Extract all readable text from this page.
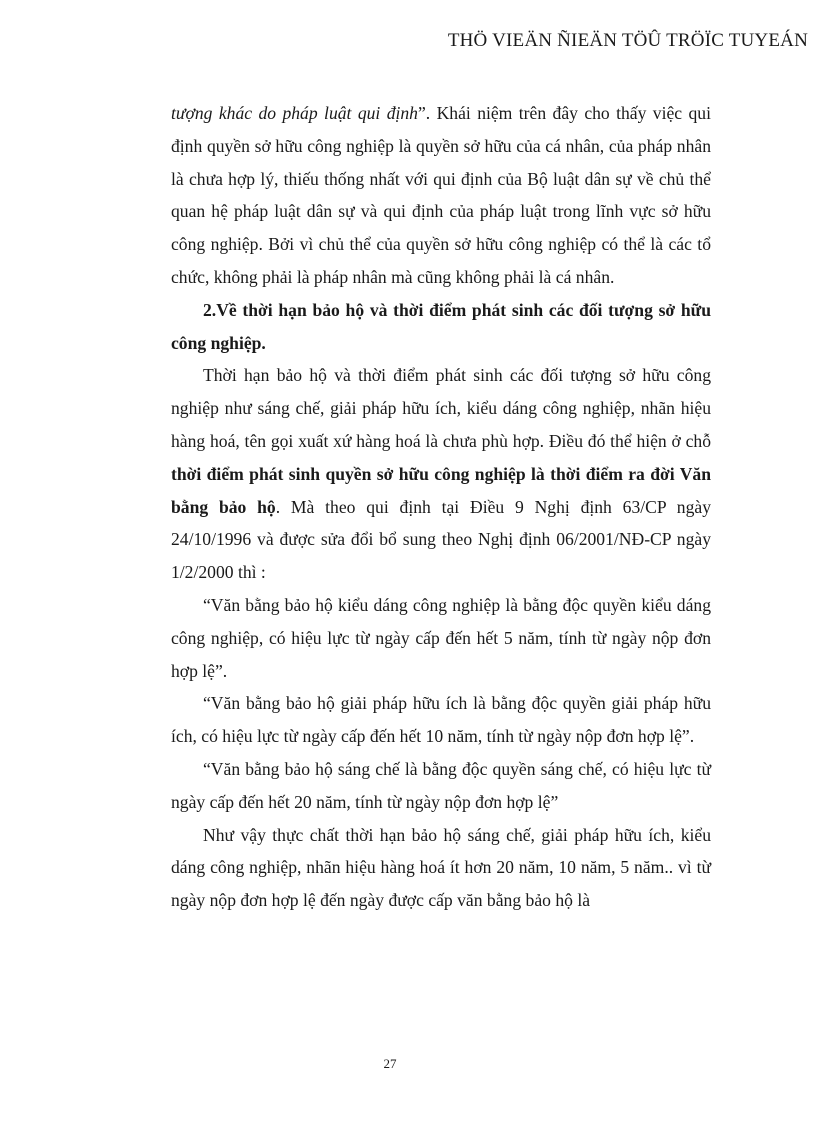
THÖ VIEÄN ÑIEÄN TÖÛ TRÖÏC TUYEÁN

tượng khác do pháp luật qui định”. Khái niệm trên đây cho thấy việc qui định quyền sở hữu công nghiệp là quyền sở hữu của cá nhân, của pháp nhân là chưa hợp lý, thiếu thống nhất với qui định của Bộ luật dân sự về chủ thể quan hệ pháp luật dân sự và qui định của pháp luật trong lĩnh vực sở hữu công nghiệp. Bởi vì chủ thể của quyền sở hữu công nghiệp có thể là các tổ chức, không phải là pháp nhân mà cũng không phải là cá nhân.

2.Về thời hạn bảo hộ và thời điểm phát sinh các đối tượng sở hữu công nghiệp.

Thời hạn bảo hộ và thời điểm phát sinh các đối tượng sở hữu công nghiệp như sáng chế, giải pháp hữu ích, kiểu dáng công nghiệp, nhãn hiệu hàng hoá, tên gọi xuất xứ hàng hoá là chưa phù hợp. Điều đó thể hiện ở chỗ thời điểm phát sinh quyền sở hữu công nghiệp là thời điểm ra đời Văn bằng bảo hộ. Mà theo qui định tại Điều 9 Nghị định 63/CP ngày 24/10/1996 và được sửa đổi bổ sung theo Nghị định 06/2001/NĐ-CP ngày 1/2/2000 thì :

“Văn bằng bảo hộ kiểu dáng công nghiệp là bằng độc quyền kiểu dáng công nghiệp, có hiệu lực từ ngày cấp đến hết 5 năm, tính từ ngày nộp đơn hợp lệ”.

“Văn bằng bảo hộ giải pháp hữu ích là bằng độc quyền giải pháp hữu ích, có hiệu lực từ ngày cấp đến hết 10 năm, tính từ ngày nộp đơn hợp lệ”.

“Văn bằng bảo hộ sáng chế là bằng độc quyền sáng chế, có hiệu lực từ ngày cấp đến hết 20 năm, tính từ ngày nộp đơn hợp lệ”

Như vậy thực chất thời hạn bảo hộ sáng chế, giải pháp hữu ích, kiểu dáng công nghiệp, nhãn hiệu hàng hoá ít hơn 20 năm, 10 năm, 5 năm.. vì từ ngày nộp đơn hợp lệ đến ngày được cấp văn bằng bảo hộ là

27
